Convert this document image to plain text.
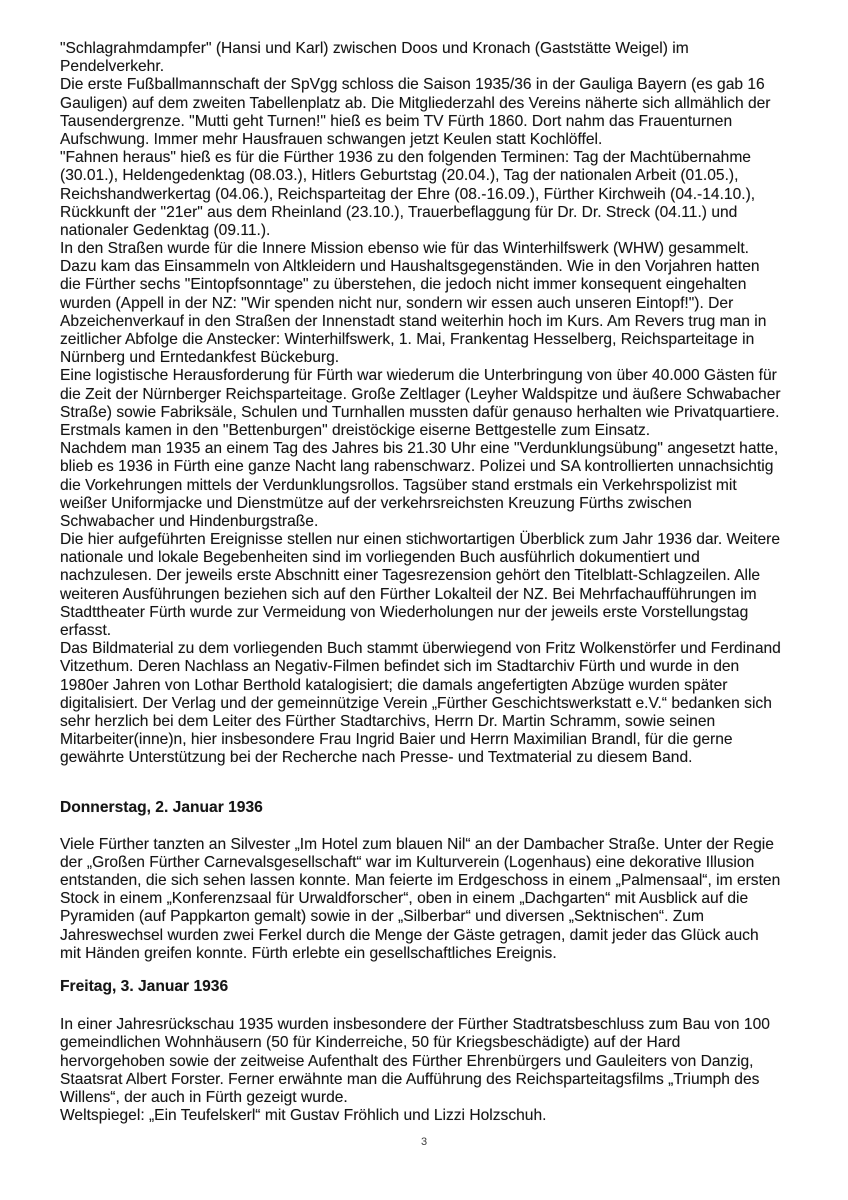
"Schlagrahmdampfer" (Hansi und Karl) zwischen Doos und Kronach (Gaststätte Weigel) im
Pendelverkehr.
Die erste Fußballmannschaft der SpVgg schloss die Saison 1935/36 in der Gauliga Bayern (es gab 16
Gauligen) auf dem zweiten Tabellenplatz ab. Die Mitgliederzahl des Vereins näherte sich allmählich der
Tausendergrenze. "Mutti geht Turnen!" hieß es beim TV Fürth 1860. Dort nahm das Frauenturnen
Aufschwung. Immer mehr Hausfrauen schwangen jetzt Keulen statt Kochlöffel.
"Fahnen heraus" hieß es für die Fürther 1936 zu den folgenden Terminen: Tag der Machtübernahme
(30.01.), Heldengedenktag (08.03.), Hitlers Geburtstag (20.04.), Tag der nationalen Arbeit (01.05.),
Reichshandwerkertag (04.06.), Reichsparteitag der Ehre (08.-16.09.), Fürther Kirchweih (04.-14.10.),
Rückkunft der "21er" aus dem Rheinland (23.10.), Trauerbeflaggung für Dr. Dr. Streck (04.11.) und
nationaler Gedenktag (09.11.).
In den Straßen wurde für die Innere Mission ebenso wie für das Winterhilfswerk (WHW) gesammelt.
Dazu kam das Einsammeln von Altkleidern und Haushaltsgegenständen. Wie in den Vorjahren hatten
die Fürther sechs "Eintopfsonntage" zu überstehen, die jedoch nicht immer konsequent eingehalten
wurden (Appell in der NZ: "Wir spenden nicht nur, sondern wir essen auch unseren Eintopf!"). Der
Abzeichenverkauf in den Straßen der Innenstadt stand weiterhin hoch im Kurs. Am Revers trug man in
zeitlicher Abfolge die Anstecker: Winterhilfswerk, 1. Mai, Frankentag Hesselberg, Reichsparteitage in
Nürnberg und Erntedankfest Bückeburg.
Eine logistische Herausforderung für Fürth war wiederum die Unterbringung von über 40.000 Gästen für
die Zeit der Nürnberger Reichsparteitage. Große Zeltlager (Leyher Waldspitze und äußere Schwabacher
Straße) sowie Fabriksäle, Schulen und Turnhallen mussten dafür genauso herhalten wie Privatquartiere.
Erstmals kamen in den "Bettenburgen" dreistöckige eiserne Bettgestelle zum Einsatz.
Nachdem man 1935 an einem Tag des Jahres bis 21.30 Uhr eine "Verdunklungsübung" angesetzt hatte,
blieb es 1936 in Fürth eine ganze Nacht lang rabenschwarz. Polizei und SA kontrollierten unnachsichtig
die Vorkehrungen mittels der Verdunklungsrollos. Tagsüber stand erstmals ein Verkehrspolizist mit
weißer Uniformjacke und Dienstmütze auf der verkehrsreichsten Kreuzung Fürths zwischen
Schwabacher und Hindenburgstraße.
Die hier aufgeführten Ereignisse stellen nur einen stichwortartigen Überblick zum Jahr 1936 dar. Weitere
nationale und lokale Begebenheiten sind im vorliegenden Buch ausführlich dokumentiert und
nachzulesen. Der jeweils erste Abschnitt einer Tagesrezension gehört den Titelblatt-Schlagzeilen. Alle
weiteren Ausführungen beziehen sich auf den Fürther Lokalteil der NZ. Bei Mehrfachaufführungen im
Stadttheater Fürth wurde zur Vermeidung von Wiederholungen nur der jeweils erste Vorstellungstag
erfasst.
Das Bildmaterial zu dem vorliegenden Buch stammt überwiegend von Fritz Wolkenstörfer und Ferdinand
Vitzethum. Deren Nachlass an Negativ-Filmen befindet sich im Stadtarchiv Fürth und wurde in den
1980er Jahren von Lothar Berthold katalogisiert; die damals angefertigten Abzüge wurden später
digitalisiert. Der Verlag und der gemeinnützige Verein „Fürther Geschichtswerkstatt e.V.“ bedanken sich
sehr herzlich bei dem Leiter des Fürther Stadtarchivs, Herrn Dr. Martin Schramm, sowie seinen
Mitarbeiter(inne)n, hier insbesondere Frau Ingrid Baier und Herrn Maximilian Brandl, für die gerne
gewährte Unterstützung bei der Recherche nach Presse- und Textmaterial zu diesem Band.
Donnerstag, 2. Januar 1936
Viele Fürther tanzten an Silvester „Im Hotel zum blauen Nil“ an der Dambacher Straße. Unter der Regie
der „Großen Fürther Carnevalsgesellschaft“ war im Kulturverein (Logenhaus) eine dekorative Illusion
entstanden, die sich sehen lassen konnte. Man feierte im Erdgeschoss in einem „Palmensaal“, im ersten
Stock in einem „Konferenzsaal für Urwaldforscher“, oben in einem „Dachgarten“ mit Ausblick auf die
Pyramiden (auf Pappkarton gemalt) sowie in der „Silberbar“ und diversen „Sektnischen“. Zum
Jahreswechsel wurden zwei Ferkel durch die Menge der Gäste getragen, damit jeder das Glück auch
mit Händen greifen konnte. Fürth erlebte ein gesellschaftliches Ereignis.
Freitag, 3. Januar 1936
In einer Jahresrückschau 1935 wurden insbesondere der Fürther Stadtratsbeschluss zum Bau von 100
gemeindlichen Wohnhäusern (50 für Kinderreiche, 50 für Kriegsbeschädigte) auf der Hard
hervorgehoben sowie der zeitweise Aufenthalt des Fürther Ehrenbürgers und Gauleiters von Danzig,
Staatsrat Albert Forster. Ferner erwähnte man die Aufführung des Reichsparteitagsfilms „Triumph des
Willens“, der auch in Fürth gezeigt wurde.
Weltspiegel: „Ein Teufelskerl“ mit Gustav Fröhlich und Lizzi Holzschuh.
3
